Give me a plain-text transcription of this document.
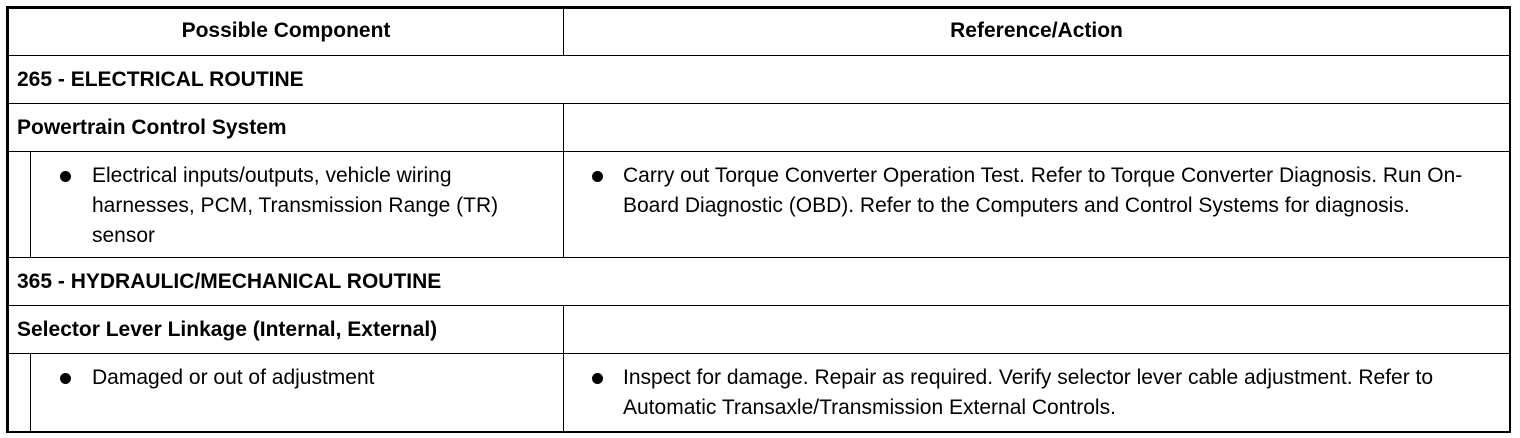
Possible Component	Reference/Action
265 - ELECTRICAL ROUTINE
Powertrain Control System
Electrical inputs/outputs, vehicle wiring harnesses, PCM, Transmission Range (TR) sensor
Carry out Torque Converter Operation Test. Refer to Torque Converter Diagnosis. Run On-Board Diagnostic (OBD). Refer to the Computers and Control Systems for diagnosis.
365 - HYDRAULIC/MECHANICAL ROUTINE
Selector Lever Linkage (Internal, External)
Damaged or out of adjustment	Inspect for damage. Repair as required. Verify selector lever cable adjustment. Refer to Automatic Transaxle/Transmission External Controls.
